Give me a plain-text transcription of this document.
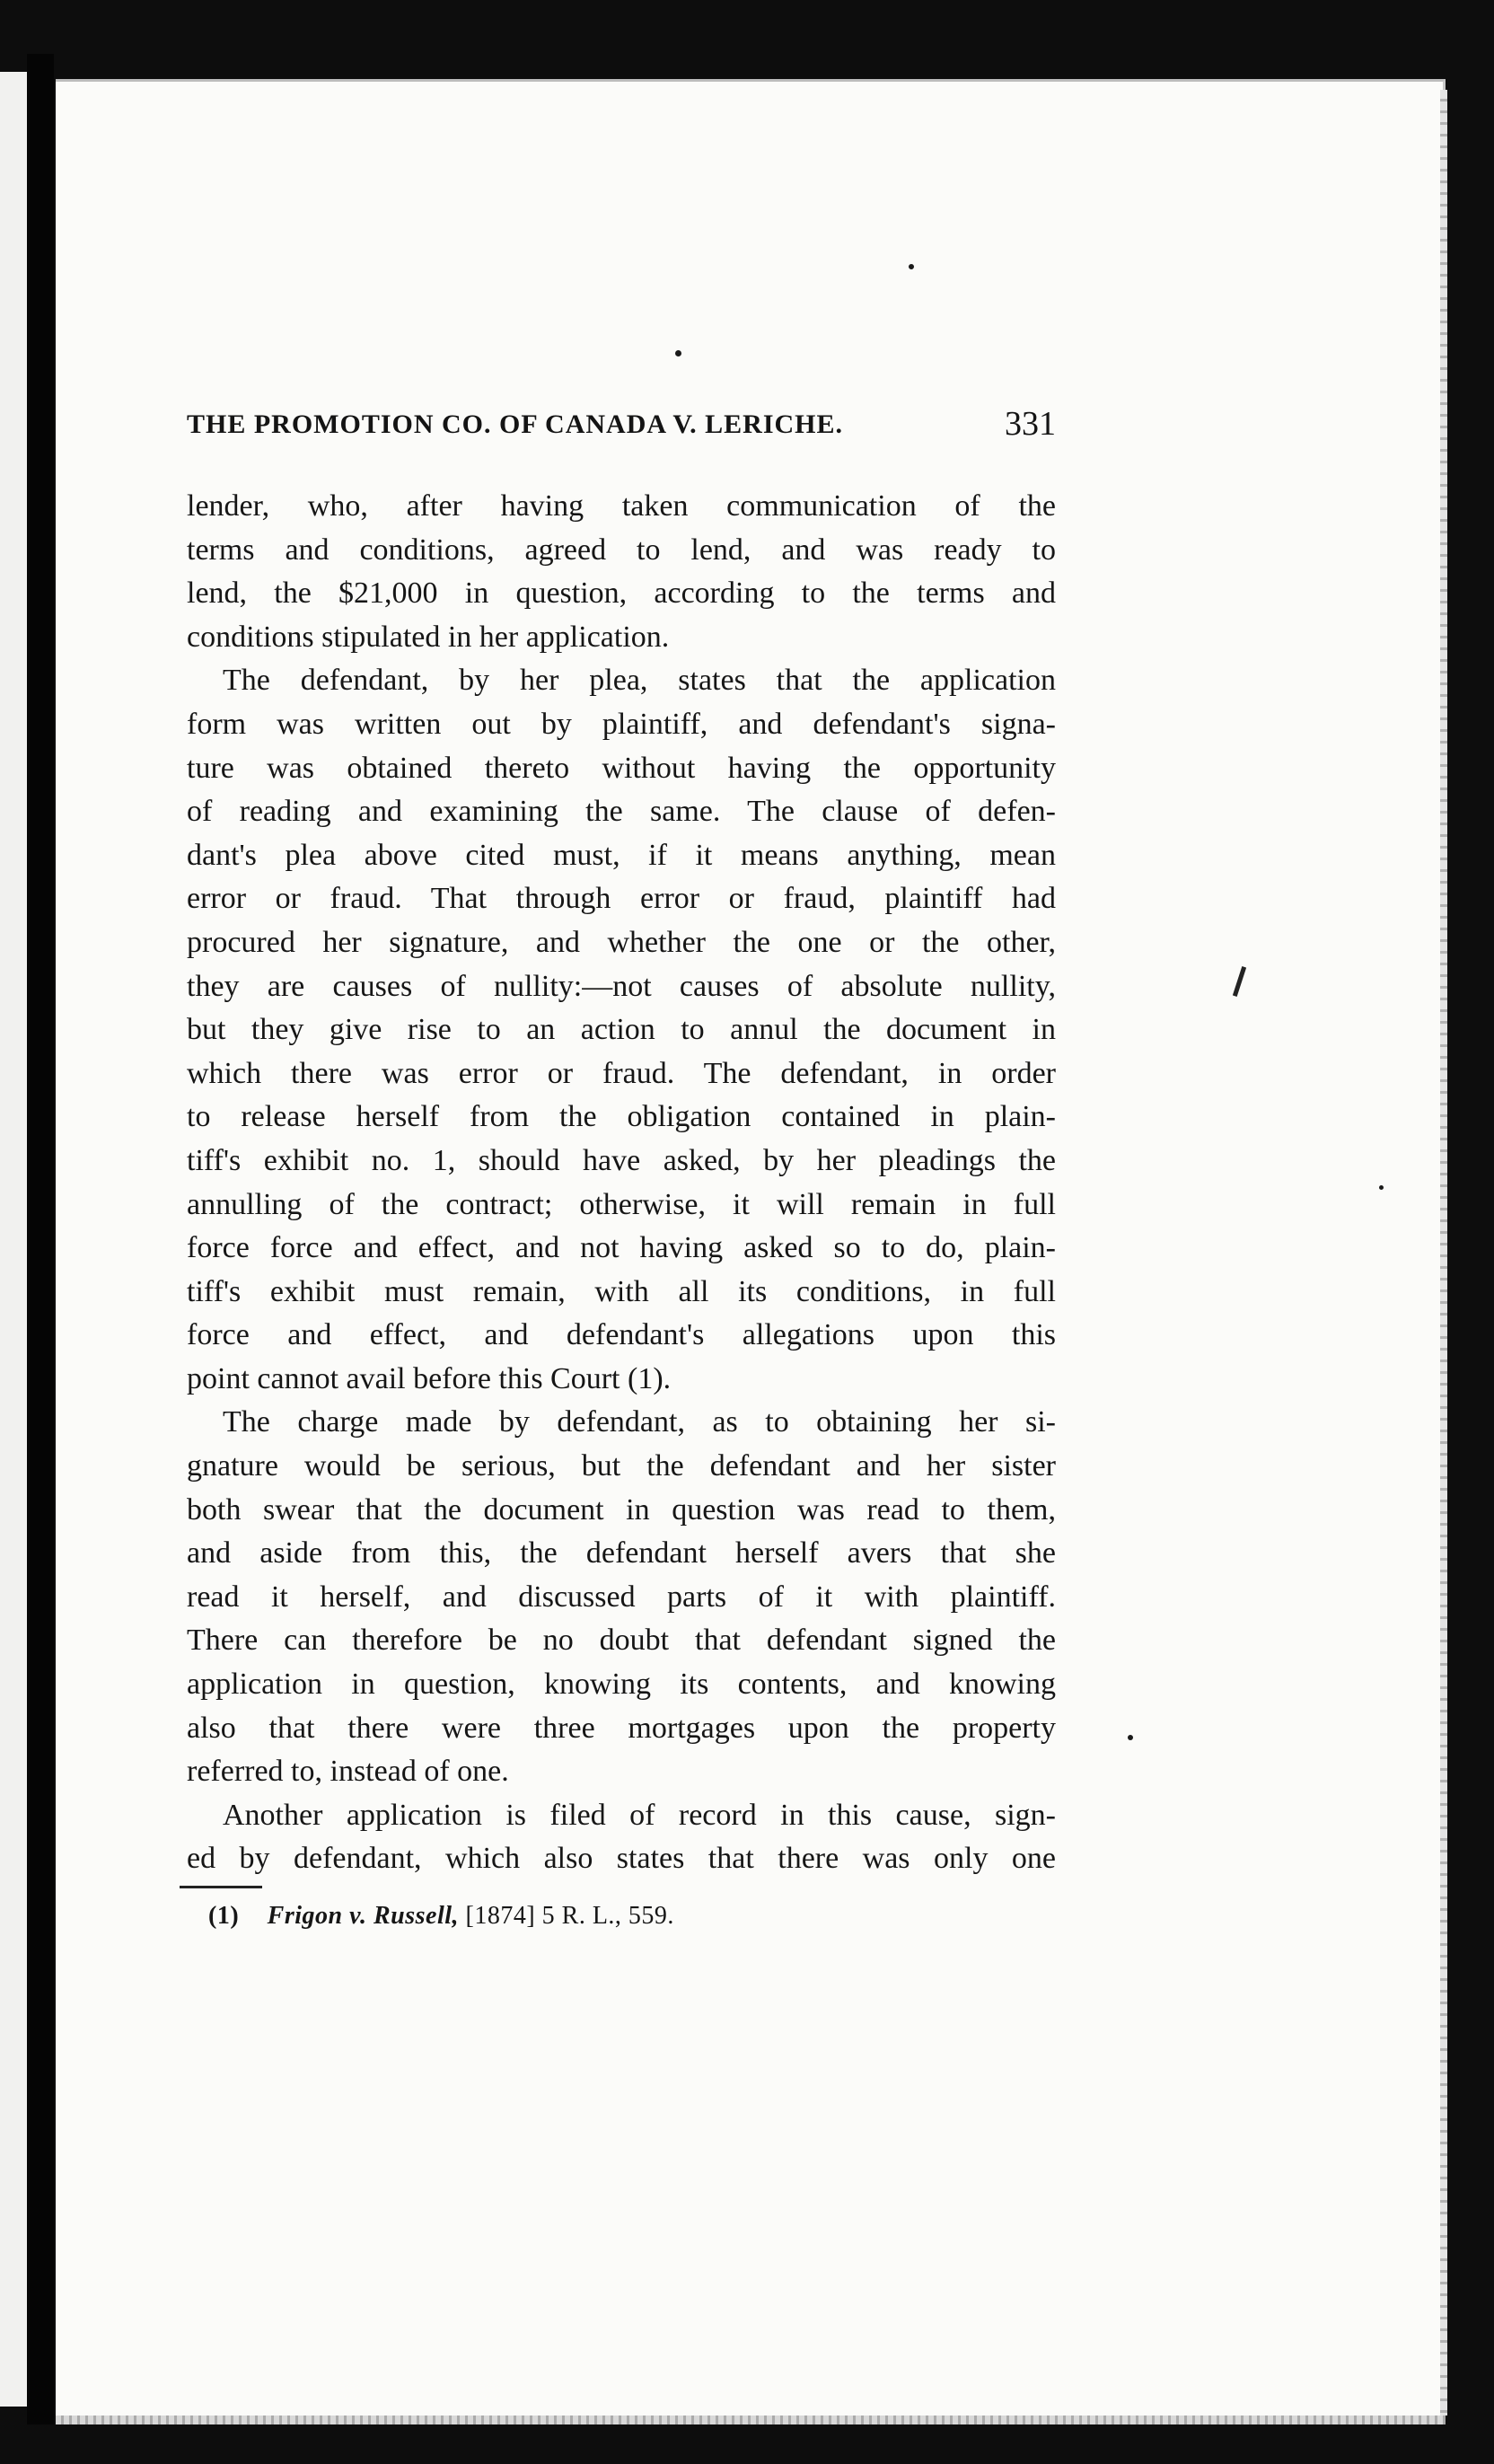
THE PROMOTION CO. OF CANADA V. LERICHE.	331
lender, who, after having taken communication of the
terms and conditions, agreed to lend, and was ready to
lend, the $21,000 in question, according to the terms and
conditions stipulated in her application.
The defendant, by her plea, states that the application
form was written out by plaintiff, and defendant's signa-
ture was obtained thereto without having the opportunity
of reading and examining the same. The clause of defen-
dant's plea above cited must, if it means anything, mean
error or fraud. That through error or fraud, plaintiff had
procured her signature, and whether the one or the other,
they are causes of nullity:—not causes of absolute nullity,
but they give rise to an action to annul the document in
which there was error or fraud. The defendant, in order
to release herself from the obligation contained in plain-
tiff's exhibit no. 1, should have asked, by her pleadings the
annulling of the contract; otherwise, it will remain in full
force force and effect, and not having asked so to do, plain-
tiff's exhibit must remain, with all its conditions, in full
force and effect, and defendant's allegations upon this
point cannot avail before this Court (1).
The charge made by defendant, as to obtaining her si-
gnature would be serious, but the defendant and her sister
both swear that the document in question was read to them,
and aside from this, the defendant herself avers that she
read it herself, and discussed parts of it with plaintiff.
There can therefore be no doubt that defendant signed the
application in question, knowing its contents, and knowing
also that there were three mortgages upon the property
referred to, instead of one.
Another application is filed of record in this cause, sign-
ed by defendant, which also states that there was only one
(1) Frigon v. Russell, [1874] 5 R. L., 559.
